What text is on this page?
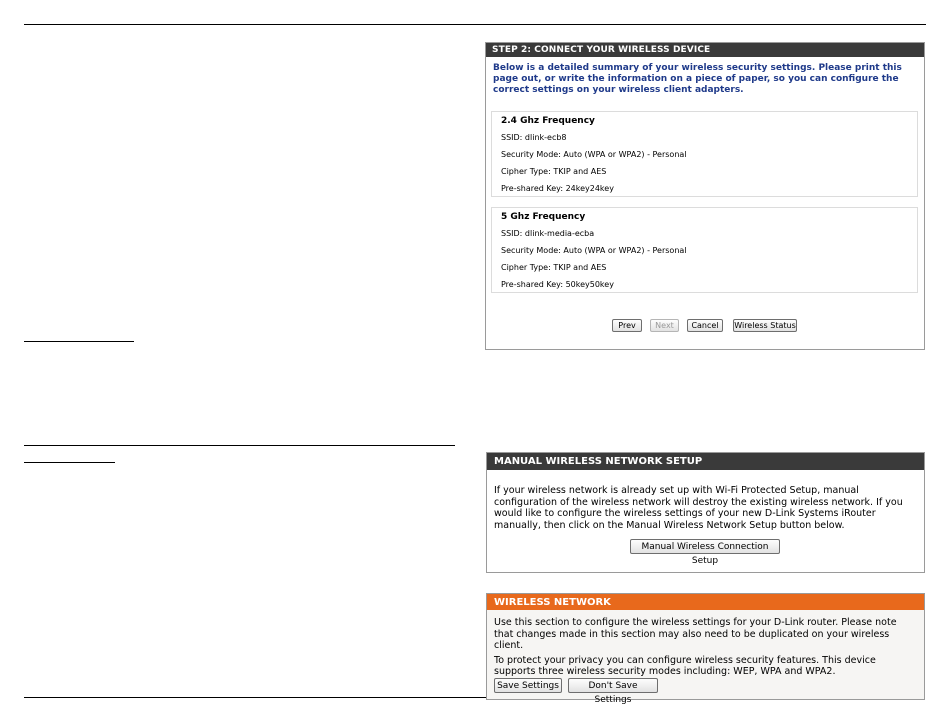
STEP 2: CONNECT YOUR WIRELESS DEVICE
Below is a detailed summary of your wireless security settings. Please print this page out, or write the information on a piece of paper, so you can configure the correct settings on your wireless client adapters.
2.4 Ghz Frequency
SSID: dlink-ecb8
Security Mode: Auto (WPA or WPA2) - Personal
Cipher Type: TKIP and AES
Pre-shared Key: 24key24key
5 Ghz Frequency
SSID: dlink-media-ecba
Security Mode: Auto (WPA or WPA2) - Personal
Cipher Type: TKIP and AES
Pre-shared Key: 50key50key
Prev	Next	Cancel	Wireless Status
MANUAL WIRELESS NETWORK SETUP
If your wireless network is already set up with Wi-Fi Protected Setup, manual configuration of the wireless network will destroy the existing wireless network. If you would like to configure the wireless settings of your new D-Link Systems iRouter manually, then click on the Manual Wireless Network Setup button below.
Manual Wireless Connection Setup
WIRELESS NETWORK
Use this section to configure the wireless settings for your D-Link router. Please note that changes made in this section may also need to be duplicated on your wireless client.
To protect your privacy you can configure wireless security features. This device supports three wireless security modes including: WEP, WPA and WPA2.
Save Settings	Don't Save Settings
